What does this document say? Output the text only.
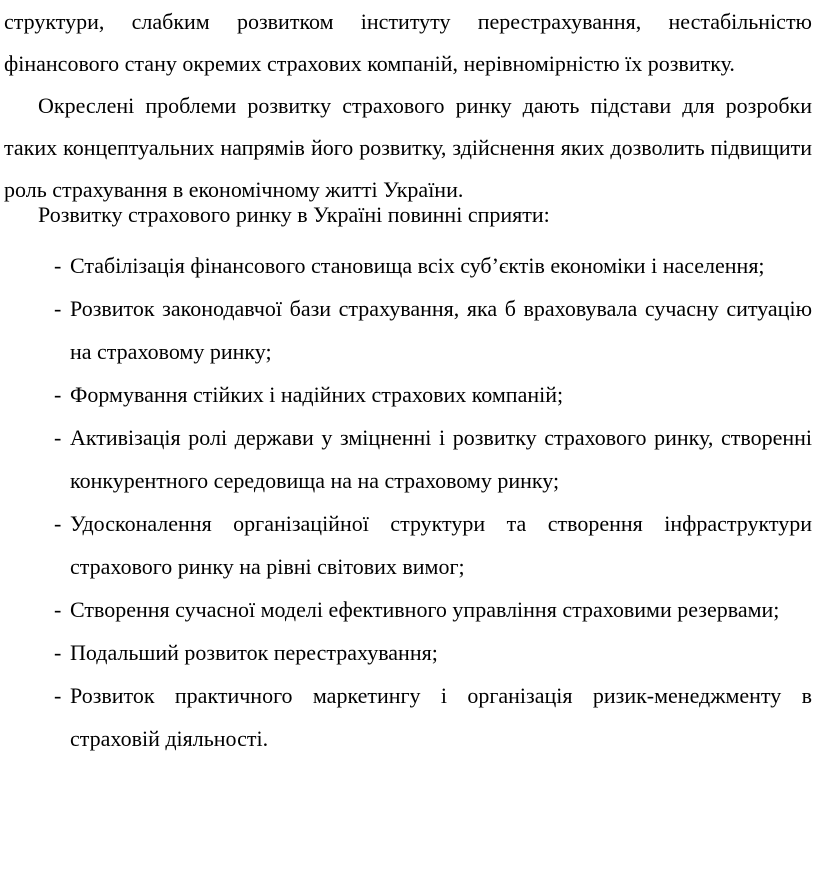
структури, слабким розвитком інституту перестрахування, нестабільністю фінансового стану окремих страхових компаній, нерівномірністю їх розвитку.

Окреслені проблеми розвитку страхового ринку дають підстави для розробки таких концептуальних напрямів його розвитку, здійснення яких дозволить підвищити роль страхування в економічному житті України.

Розвитку страхового ринку в Україні повинні сприяти:

- Стабілізація фінансового становища всіх суб’єктів економіки і населення;
- Розвиток законодавчої бази страхування, яка б враховувала сучасну ситуацію на страховому ринку;
- Формування стійких і надійних страхових компаній;
- Активізація ролі держави у зміцненні і розвитку страхового ринку, створенні конкурентного середовища на на страховому ринку;
- Удосконалення організаційної структури та створення інфраструктури страхового ринку на рівні світових вимог;
- Створення сучасної моделі ефективного управління страховими резервами;
- Подальший розвиток перестрахування;
- Розвиток практичного маркетингу і організація ризик-менеджменту в страховій діяльності.
